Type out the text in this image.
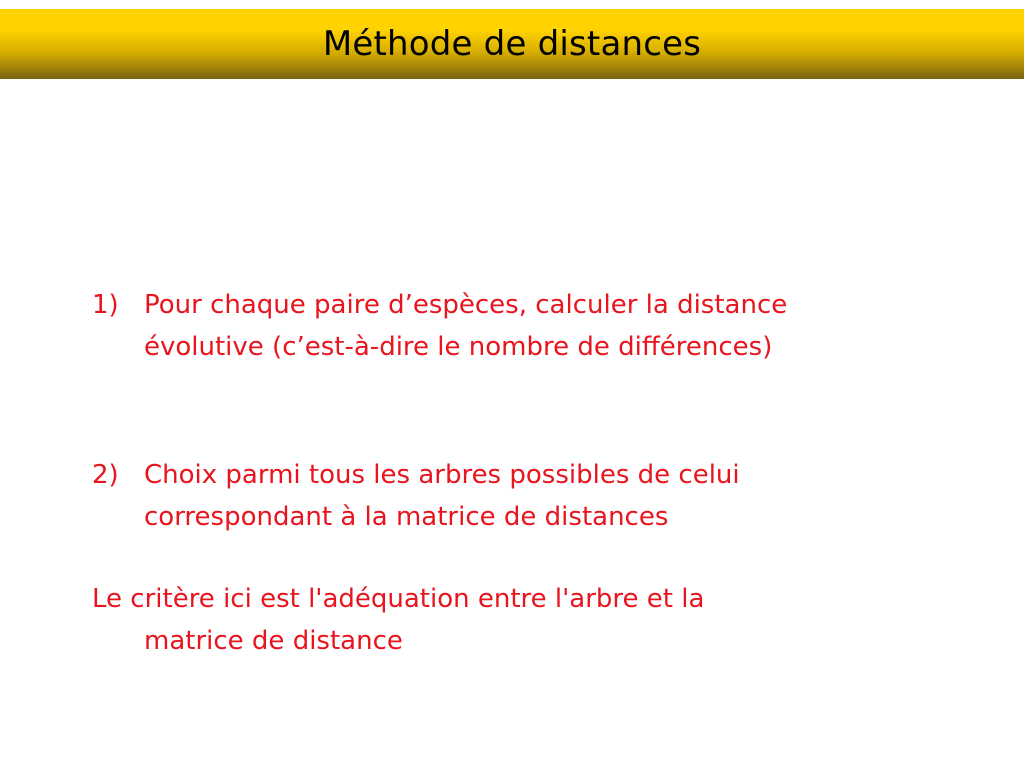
Méthode de distances
1) Pour chaque paire d’espèces, calculer la distance
évolutive (c’est-à-dire le nombre de différences)
2) Choix parmi tous les arbres possibles de celui
correspondant à la matrice de distances
Le critère ici est l'adéquation entre l'arbre et la
matrice de distance
